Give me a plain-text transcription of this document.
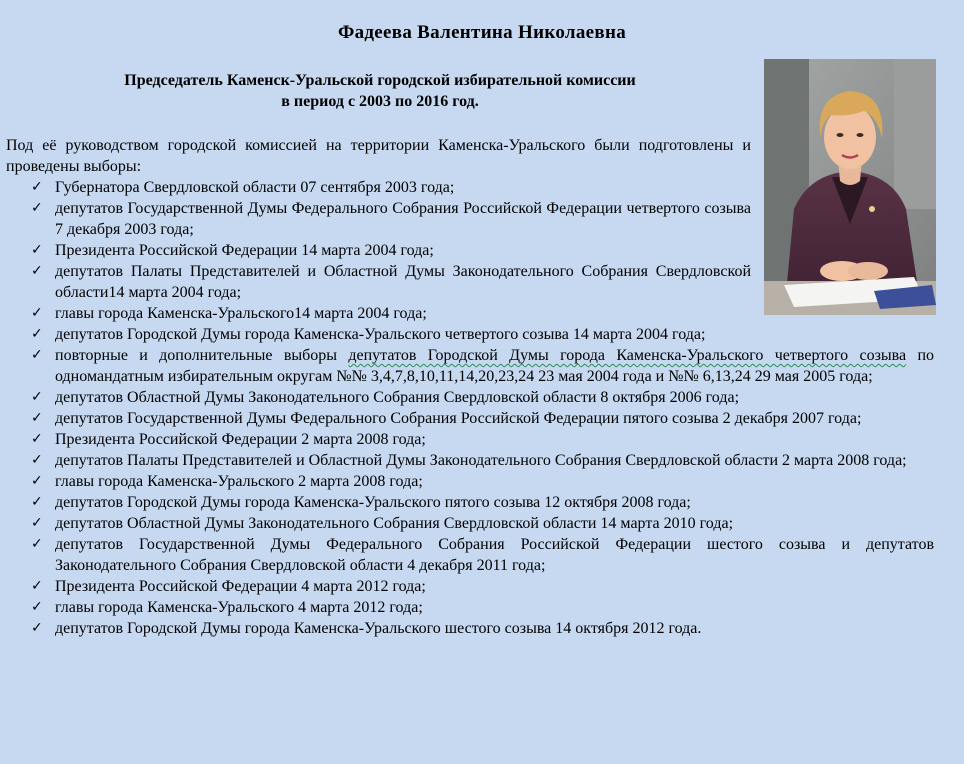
Фадеева Валентина Николаевна
Председатель Каменск-Уральской городской избирательной комиссии
в период с 2003 по 2016 год.
Под её руководством городской комиссией на территории Каменска-Уральского были подготовлены и проведены выборы:
✓ Губернатора Свердловской области 07 сентября 2003 года;
✓ депутатов Государственной Думы Федерального Собрания Российской Федерации четвертого созыва 7 декабря 2003 года;
✓ Президента Российской Федерации 14 марта 2004 года;
✓ депутатов Палаты Представителей и Областной Думы Законодательного Собрания Свердловской области14 марта 2004 года;
✓ главы города Каменска-Уральского14 марта 2004 года;
✓ депутатов Городской Думы города Каменска-Уральского четвертого созыва 14 марта 2004 года;
✓ повторные и дополнительные выборы депутатов Городской Думы города Каменска-Уральского четвертого созыва по одномандатным избирательным округам №№ 3,4,7,8,10,11,14,20,23,24 23 мая 2004 года и №№ 6,13,24 29 мая 2005 года;
✓ депутатов Областной Думы Законодательного Собрания Свердловской области 8 октября 2006 года;
✓ депутатов Государственной Думы Федерального Собрания Российской Федерации пятого созыва 2 декабря 2007 года;
✓ Президента Российской Федерации 2 марта 2008 года;
✓ депутатов Палаты Представителей и Областной Думы Законодательного Собрания Свердловской области 2 марта 2008 года;
✓ главы города Каменска-Уральского 2 марта 2008 года;
✓ депутатов Городской Думы города Каменска-Уральского пятого созыва 12 октября 2008 года;
✓ депутатов Областной Думы Законодательного Собрания Свердловской области 14 марта 2010 года;
✓ депутатов Государственной Думы Федерального Собрания Российской Федерации шестого созыва и депутатов Законодательного Собрания Свердловской области 4 декабря 2011 года;
✓ Президента Российской Федерации 4 марта 2012 года;
✓ главы города Каменска-Уральского 4 марта 2012 года;
✓ депутатов Городской Думы города Каменска-Уральского шестого созыва 14 октября 2012 года.
